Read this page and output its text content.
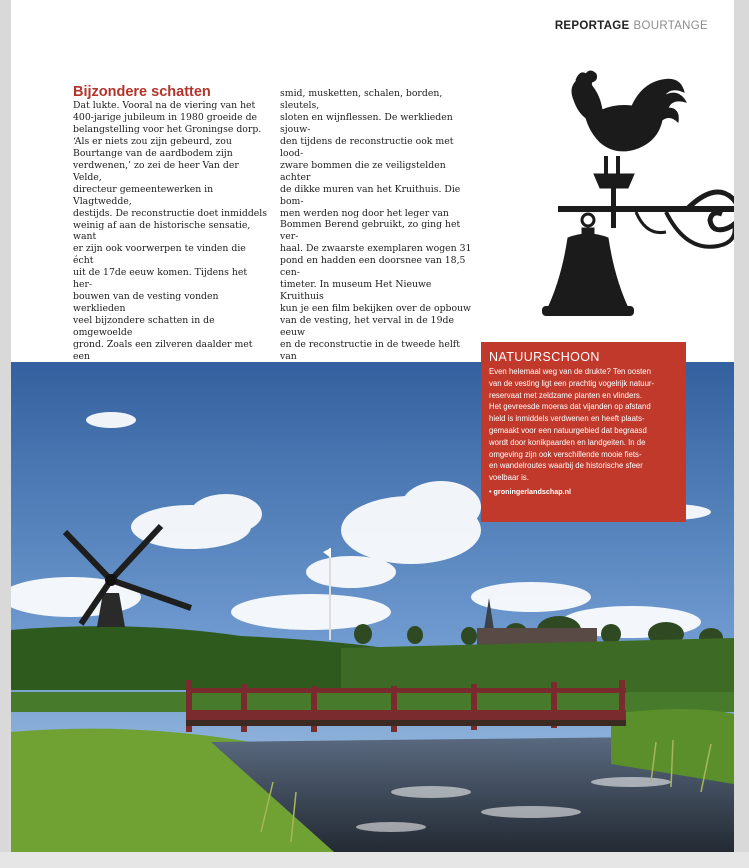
REPORTAGE BOURTANGE
Bijzondere schatten

Dat lukte. Vooral na de viering van het

400-jarige jubileum in 1980 groeide de

belangstelling voor het Groningse dorp.

‘Als er niets zou zijn gebeurd, zou

Bourtange van de aardbodem zijn

verdwenen,’ zo zei de heer Van der Velde,

directeur gemeentewerken in Vlagtwedde,

destijds. De reconstructie doet inmiddels

weinig af aan de historische sensatie, want

er zijn ook voorwerpen te vinden die écht

uit de 17de eeuw komen. Tijdens het her-

bouwen van de vesting vonden werklieden

veel bijzondere schatten in de omgewoelde

grond. Zoals een zilveren daalder met een

smid, musketten, schalen, borden, sleutels,

sloten en wijnflessen. De werklieden sjouw-

den tijdens de reconstructie ook met lood-

zware bommen die ze veiligstelden achter

de dikke muren van het Kruithuis. Die bom-

men werden nog door het leger van

Bommen Berend gebruikt, zo ging het ver-

haal. De zwaarste exemplaren wogen 31

pond en hadden een doorsnee van 18,5 cen-

timeter. In museum Het Nieuwe Kruithuis

kun je een film bekijken over de opbouw

van de vesting, het verval in de 19de eeuw

en de reconstructie in de tweede helft van	NATUURSCHOON
Even helemaal weg van de drukte? Ten oosten
van de vesting ligt een prachtig vogelrijk natuur-
reservaat met zeldzame planten en vlinders.
Het gevreesde moeras dat vijanden op afstand
hield is inmiddels verdwenen en heeft plaats-
gemaakt voor een natuurgebied dat begraasd
wordt door konikpaarden en landgeiten. In de
omgeving zijn ook verschillende mooie fiets-
en wandelroutes waarbij de historische sfeer
voelbaar is.
• groningerlandschap.nl
